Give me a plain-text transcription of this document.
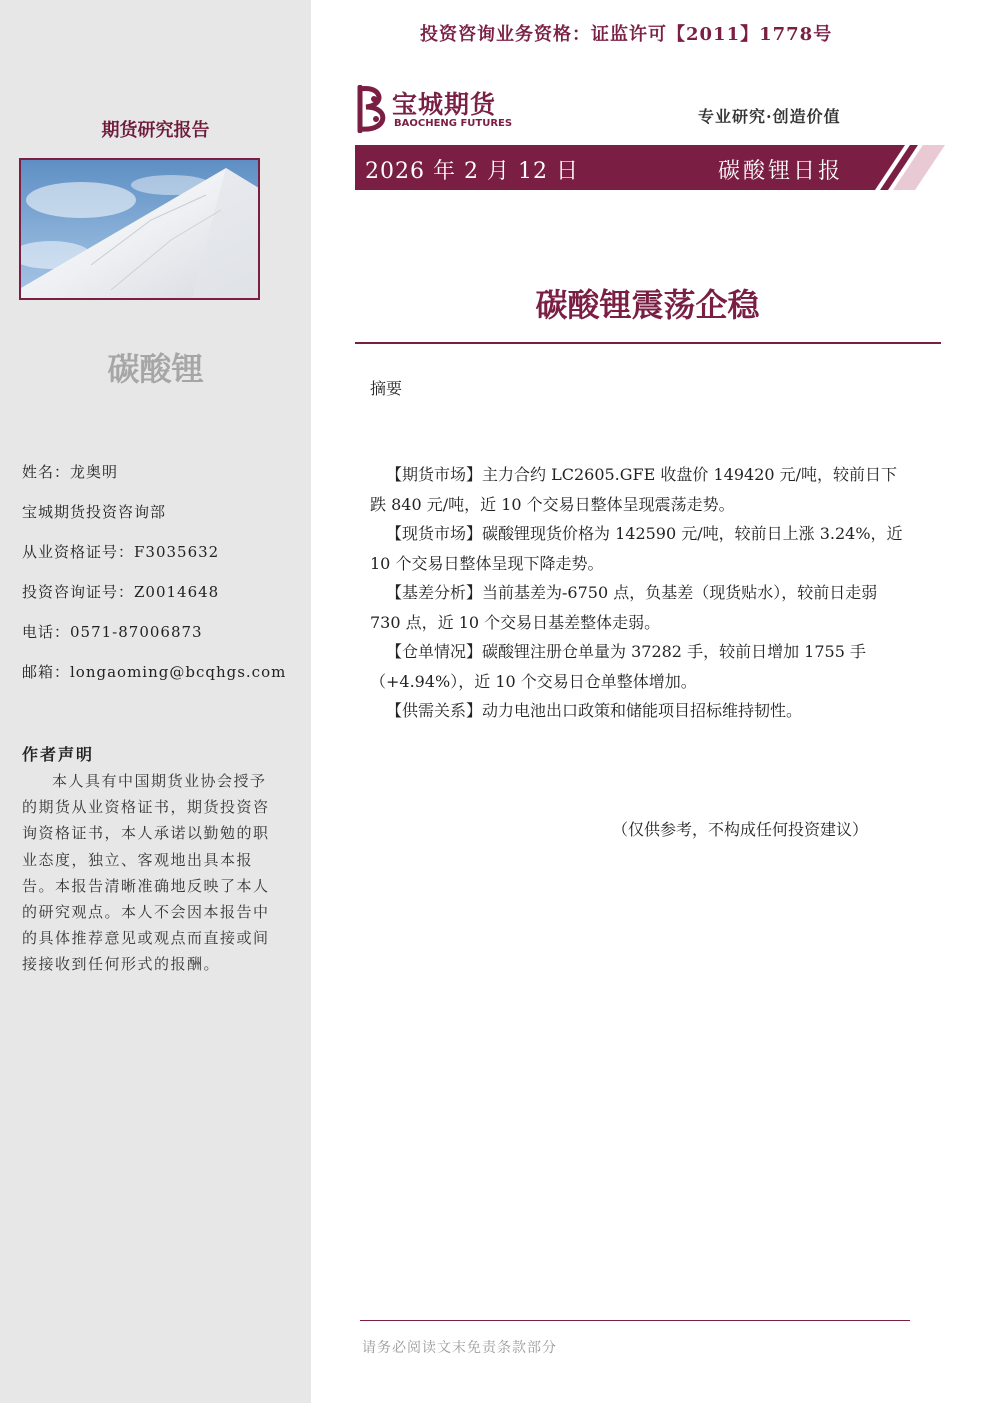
期货研究报告
碳酸锂
姓名：龙奥明
宝城期货投资咨询部
从业资格证号：F3035632
投资咨询证号：Z0014648
电话：0571-87006873
邮箱：longaoming@bcqhgs.com
作者声明
本人具有中国期货业协会授予的期货从业资格证书，期货投资咨询资格证书，本人承诺以勤勉的职业态度，独立、客观地出具本报告。本报告清晰准确地反映了本人的研究观点。本人不会因本报告中的具体推荐意见或观点而直接或间接接收到任何形式的报酬。
投资咨询业务资格：证监许可【2011】1778号
宝城期货
BAOCHENG FUTURES	专业研究·创造价值
2026 年 2 月 12 日	碳酸锂日报
碳酸锂震荡企稳
摘要

【期货市场】主力合约 LC2605.GFE 收盘价 149420 元/吨，较前日下跌 840 元/吨，近 10 个交易日整体呈现震荡走势。

【现货市场】碳酸锂现货价格为 142590 元/吨，较前日上涨 3.24%，近 10 个交易日整体呈现下降走势。

【基差分析】当前基差为-6750 点，负基差（现货贴水），较前日走弱 730 点，近 10 个交易日基差整体走弱。

【仓单情况】碳酸锂注册仓单量为 37282 手，较前日增加 1755 手（+4.94%），近 10 个交易日仓单整体增加。

【供需关系】动力电池出口政策和储能项目招标维持韧性。

（仅供参考，不构成任何投资建议）
请务必阅读文末免责条款部分
